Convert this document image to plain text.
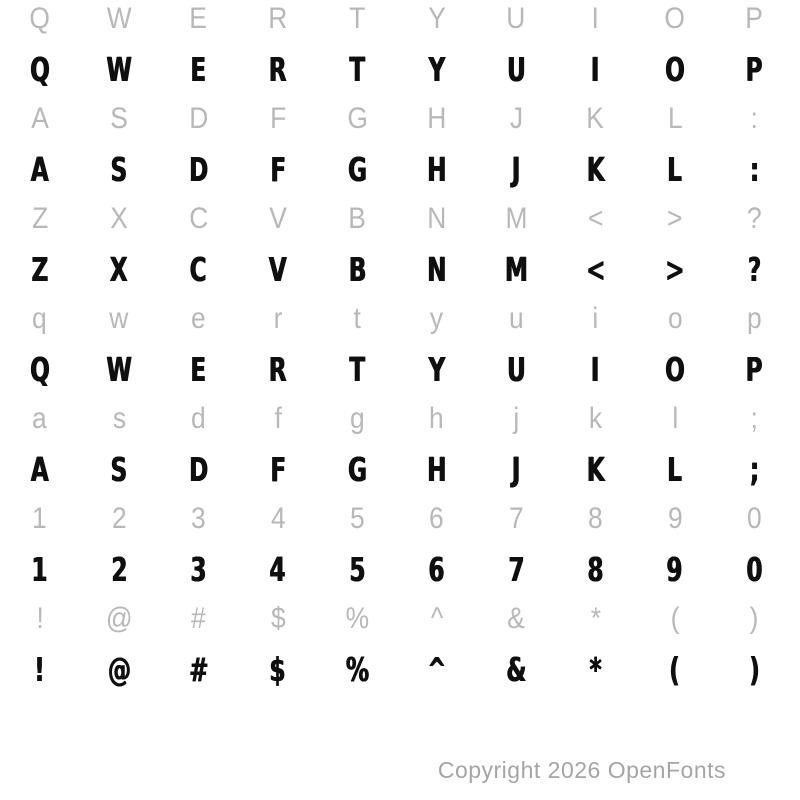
Q W E R T Y U I O P
Q W E R T Y U I O P
A S D F G H J K L :
A S D F G H J K L :
Z X C V B N M < > ?
Z X C V B N M < > ?
q w e r t y u i o p
Q W E R T Y U I O P
a s d f g h j k l ;
A S D F G H J K L ;
1 2 3 4 5 6 7 8 9 0
1 2 3 4 5 6 7 8 9 0
! @ # $ % ^ & * ( )
! @ # $ % ^ & * ( )
Copyright 2026 OpenFonts
